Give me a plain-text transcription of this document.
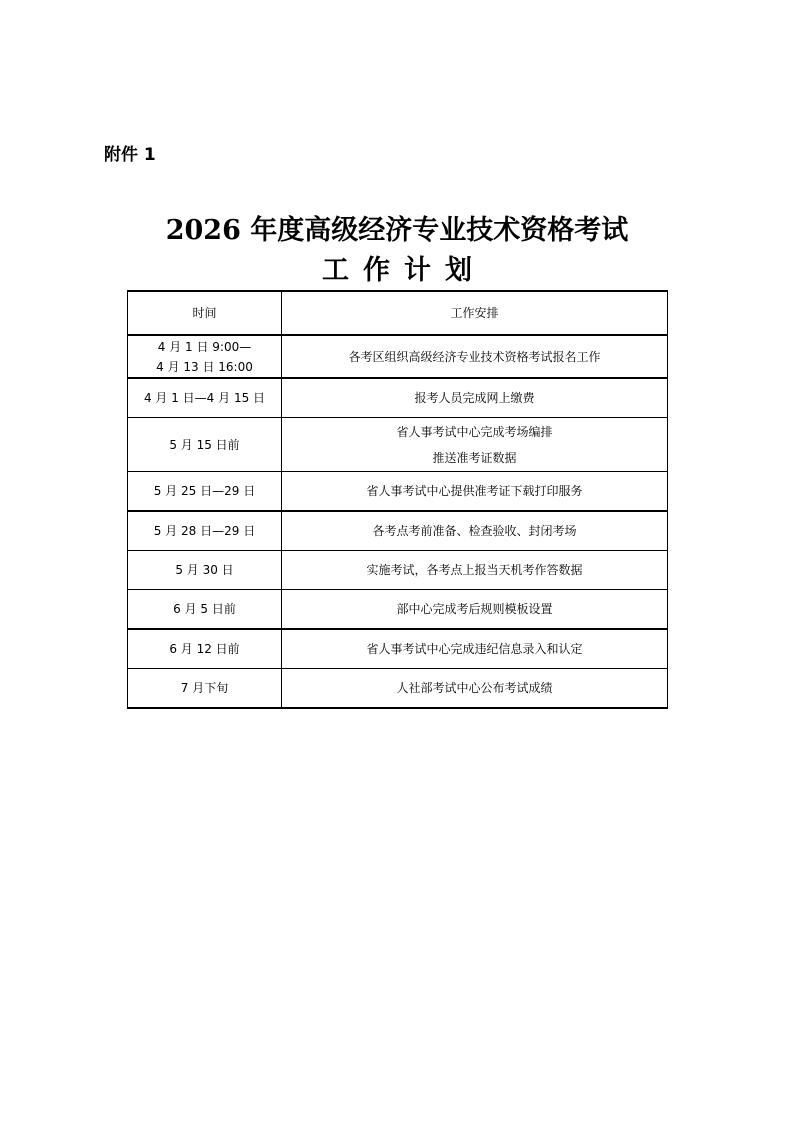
附件 1
2026 年度高级经济专业技术资格考试
工作计划
时间	工作安排

4 月 1 日 9:00—
4 月 13 日 16:00	各考区组织高级经济专业技术资格考试报名工作

4 月 1 日—4 月 15 日	报考人员完成网上缴费

5 月 15 日前	省人事考试中心完成考场编排
推送准考证数据

5 月 25 日—29 日	省人事考试中心提供准考证下载打印服务

5 月 28 日—29 日	各考点考前准备、检查验收、封闭考场

5 月 30 日	实施考试，各考点上报当天机考作答数据

6 月 5 日前	部中心完成考后规则模板设置

6 月 12 日前	省人事考试中心完成违纪信息录入和认定

7 月下旬	人社部考试中心公布考试成绩
